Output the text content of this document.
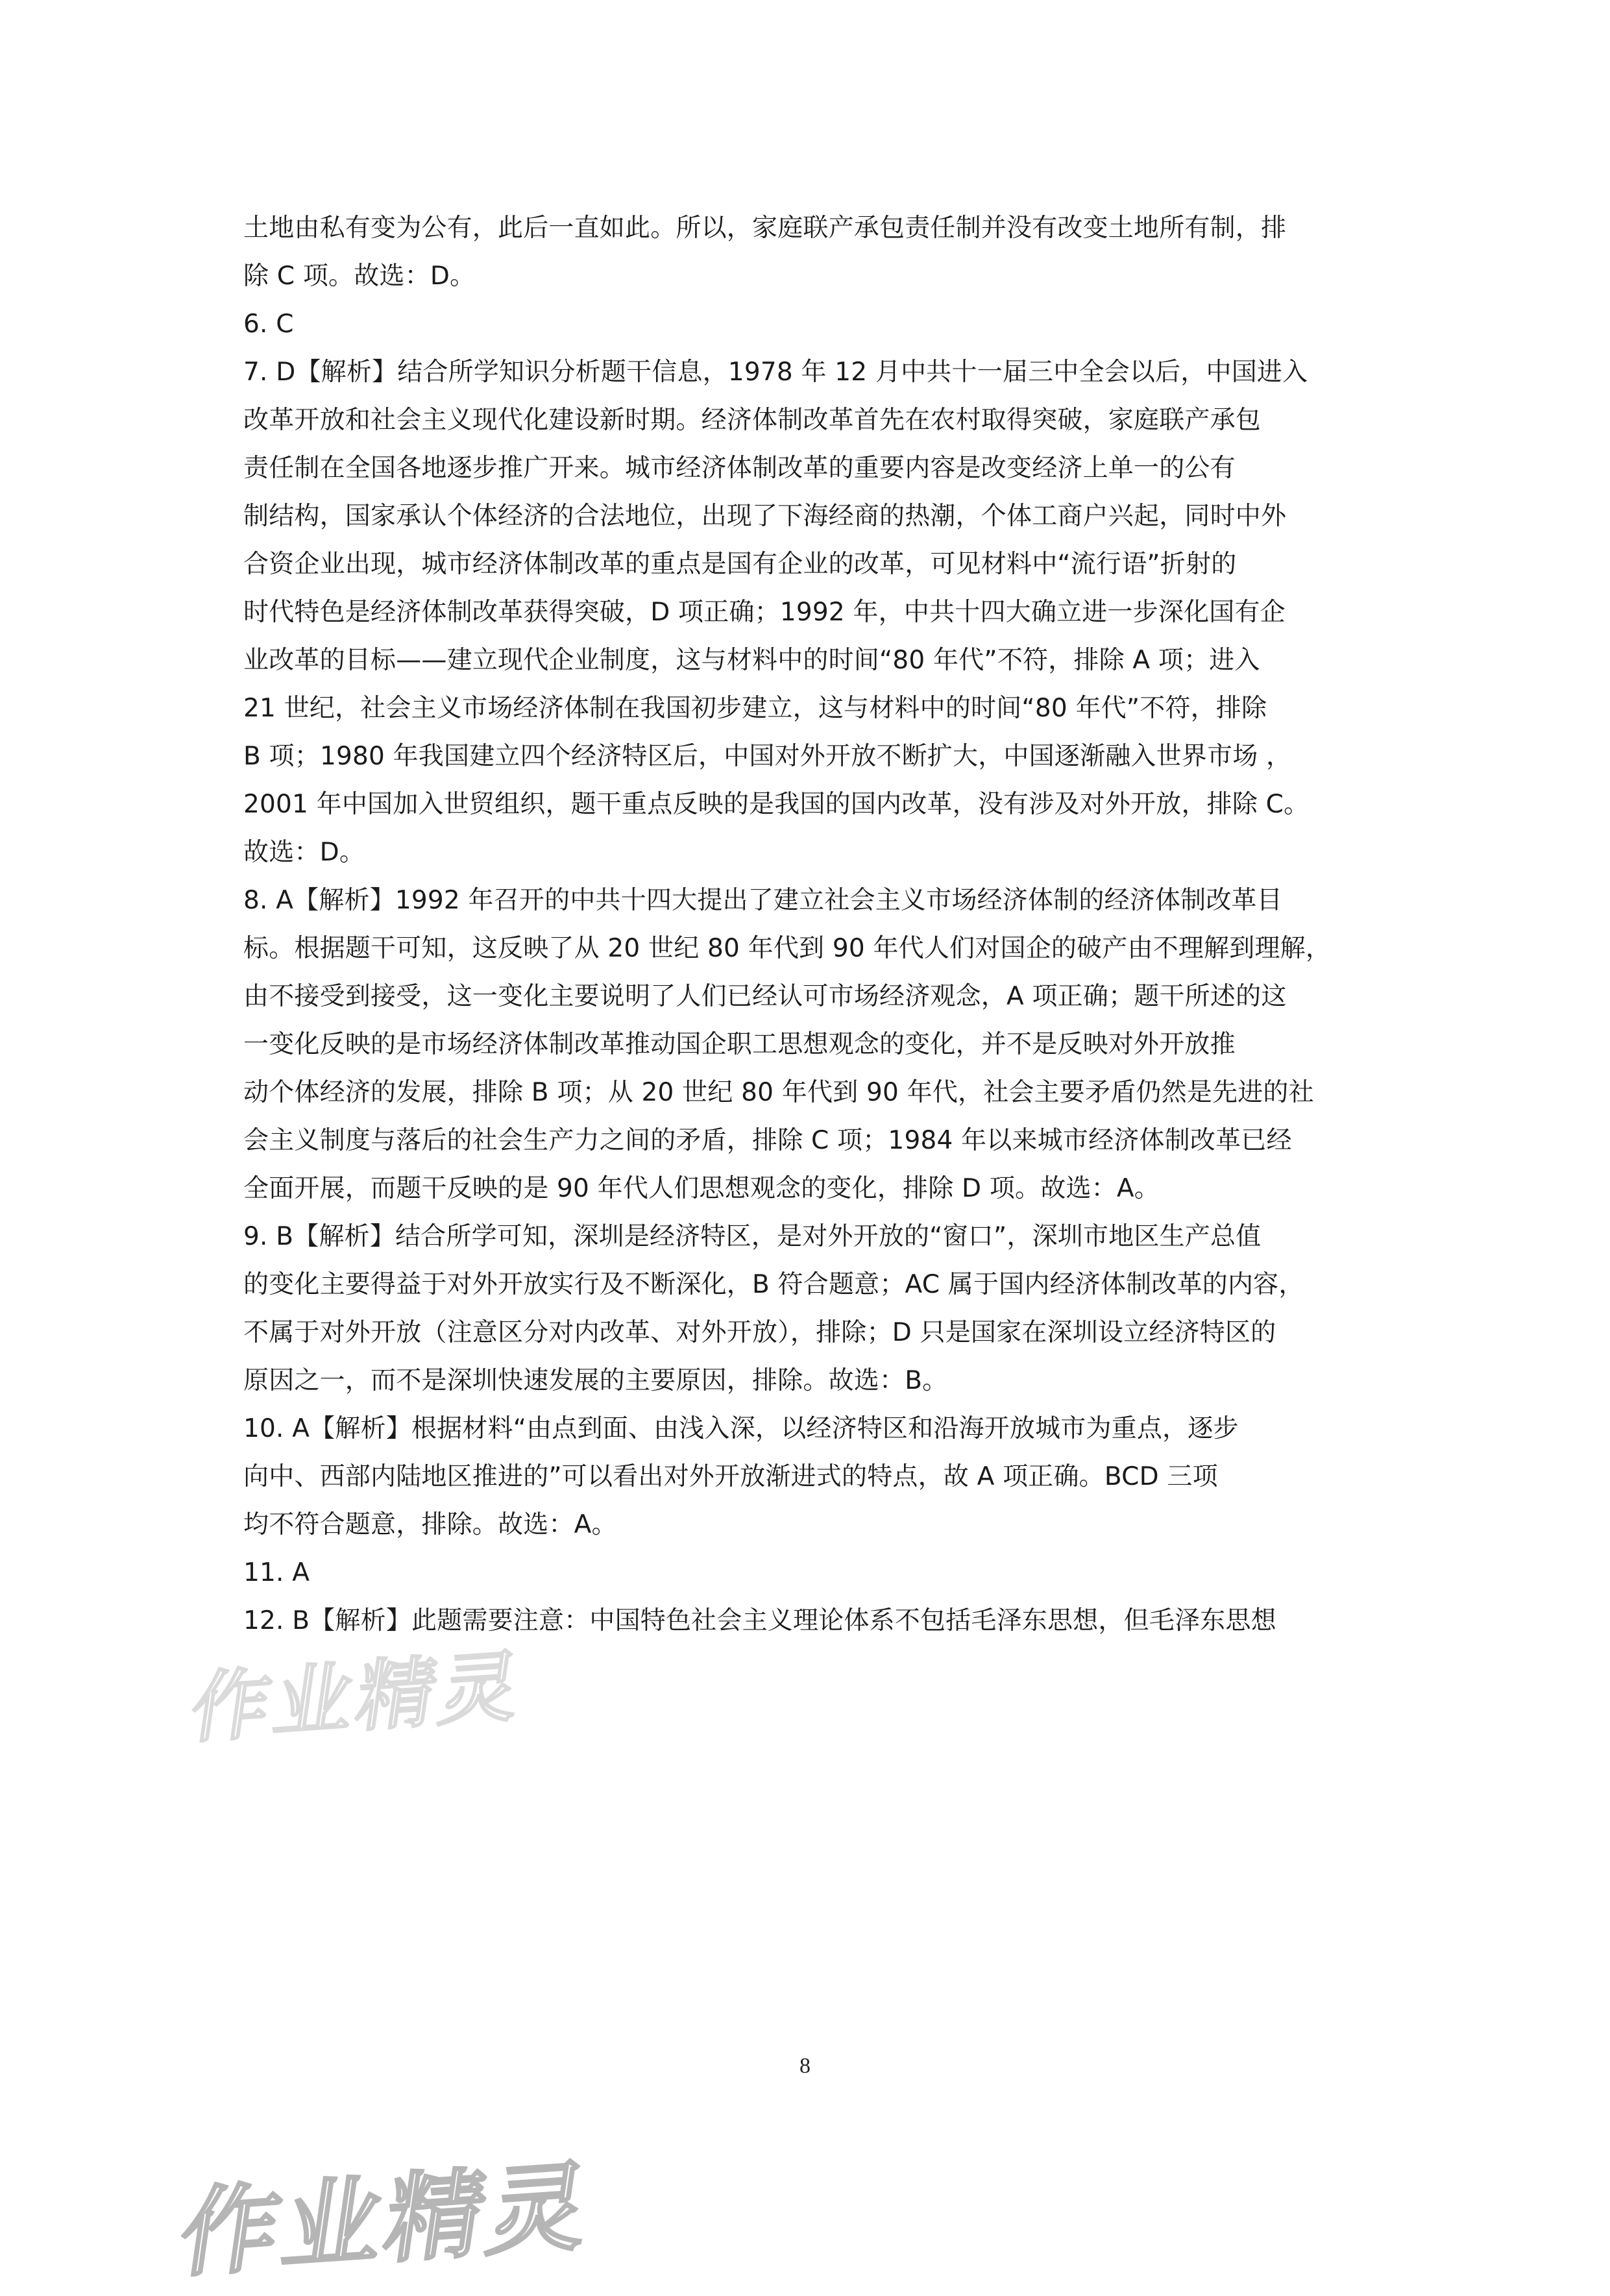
土地由私有变为公有，此后一直如此。所以，家庭联产承包责任制并没有改变土地所有制，排
除 C 项。故选：D。
6. C
7. D【解析】结合所学知识分析题干信息，1978 年 12 月中共十一届三中全会以后，中国进入
改革开放和社会主义现代化建设新时期。经济体制改革首先在农村取得突破，家庭联产承包
责任制在全国各地逐步推广开来。城市经济体制改革的重要内容是改变经济上单一的公有
制结构，国家承认个体经济的合法地位，出现了下海经商的热潮，个体工商户兴起，同时中外
合资企业出现，城市经济体制改革的重点是国有企业的改革，可见材料中“流行语”折射的
时代特色是经济体制改革获得突破，D 项正确；1992 年，中共十四大确立进一步深化国有企
业改革的目标——建立现代企业制度，这与材料中的时间“80 年代”不符，排除 A 项；进入
21 世纪，社会主义市场经济体制在我国初步建立，这与材料中的时间“80 年代”不符，排除
B 项；1980 年我国建立四个经济特区后，中国对外开放不断扩大，中国逐渐融入世界市场 ，
2001 年中国加入世贸组织，题干重点反映的是我国的国内改革，没有涉及对外开放，排除 C。
故选：D。
8. A【解析】1992 年召开的中共十四大提出了建立社会主义市场经济体制的经济体制改革目
标。根据题干可知，这反映了从 20 世纪 80 年代到 90 年代人们对国企的破产由不理解到理解，
由不接受到接受，这一变化主要说明了人们已经认可市场经济观念，A 项正确；题干所述的这
一变化反映的是市场经济体制改革推动国企职工思想观念的变化，并不是反映对外开放推
动个体经济的发展，排除 B 项；从 20 世纪 80 年代到 90 年代，社会主要矛盾仍然是先进的社
会主义制度与落后的社会生产力之间的矛盾，排除 C 项；1984 年以来城市经济体制改革已经
全面开展，而题干反映的是 90 年代人们思想观念的变化，排除 D 项。故选：A。
9. B【解析】结合所学可知，深圳是经济特区，是对外开放的“窗口”，深圳市地区生产总值
的变化主要得益于对外开放实行及不断深化，B 符合题意；AC 属于国内经济体制改革的内容，
不属于对外开放（注意区分对内改革、对外开放），排除；D 只是国家在深圳设立经济特区的
原因之一，而不是深圳快速发展的主要原因，排除。故选：B。
10. A【解析】根据材料“由点到面、由浅入深，以经济特区和沿海开放城市为重点，逐步
向中、西部内陆地区推进的”可以看出对外开放渐进式的特点，故 A 项正确。BCD 三项
均不符合题意，排除。故选：A。
11. A
12. B【解析】此题需要注意：中国特色社会主义理论体系不包括毛泽东思想，但毛泽东思想
作业精灵
8
作业精灵
